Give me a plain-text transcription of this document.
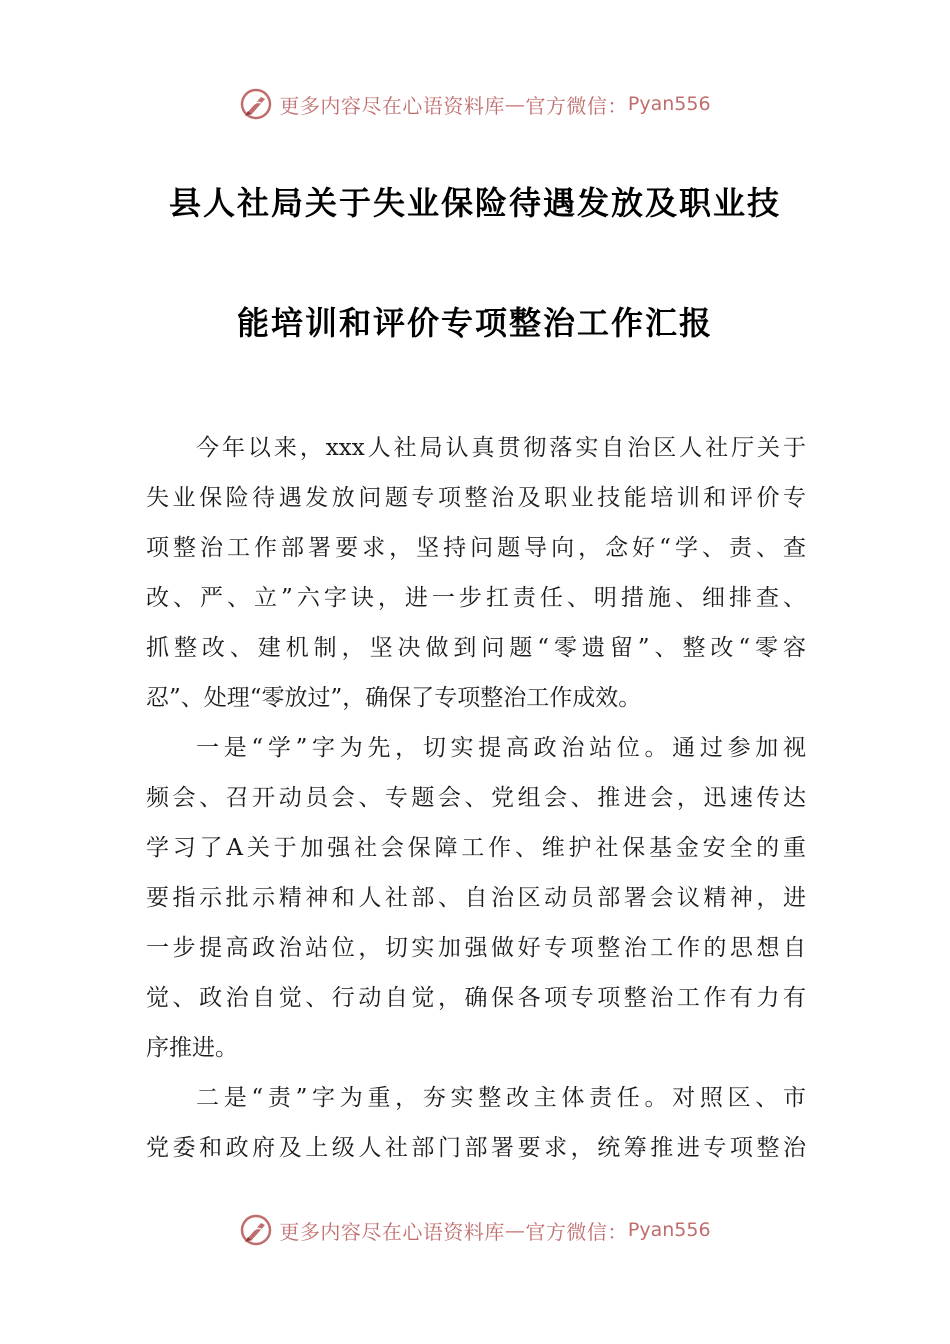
更多内容尽在心语资料库 — 官方微信： Pyan556
县人社局关于失业保险待遇发放及职业技
能培训和评价专项整治工作汇报
今年以来，xxx人社局认真贯彻落实自治区人社厅关于
失业保险待遇发放问题专项整治及职业技能培训和评价专
项整治工作部署要求，坚持问题导向，念好“学、责、查
改、严、立”六字诀，进一步扛责任、明措施、细排查、
抓整改、建机制，坚决做到问题“零遗留”、整改“零容
忍”、处理“零放过”，确保了专项整治工作成效。
一是“学”字为先，切实提高政治站位。通过参加视
频会、召开动员会、专题会、党组会、推进会，迅速传达
学习了A关于加强社会保障工作、维护社保基金安全的重
要指示批示精神和人社部、自治区动员部署会议精神，进
一步提高政治站位，切实加强做好专项整治工作的思想自
觉、政治自觉、行动自觉，确保各项专项整治工作有力有
序推进。
二是“责”字为重，夯实整改主体责任。对照区、市
党委和政府及上级人社部门部署要求，统筹推进专项整治
更多内容尽在心语资料库 — 官方微信： Pyan556
